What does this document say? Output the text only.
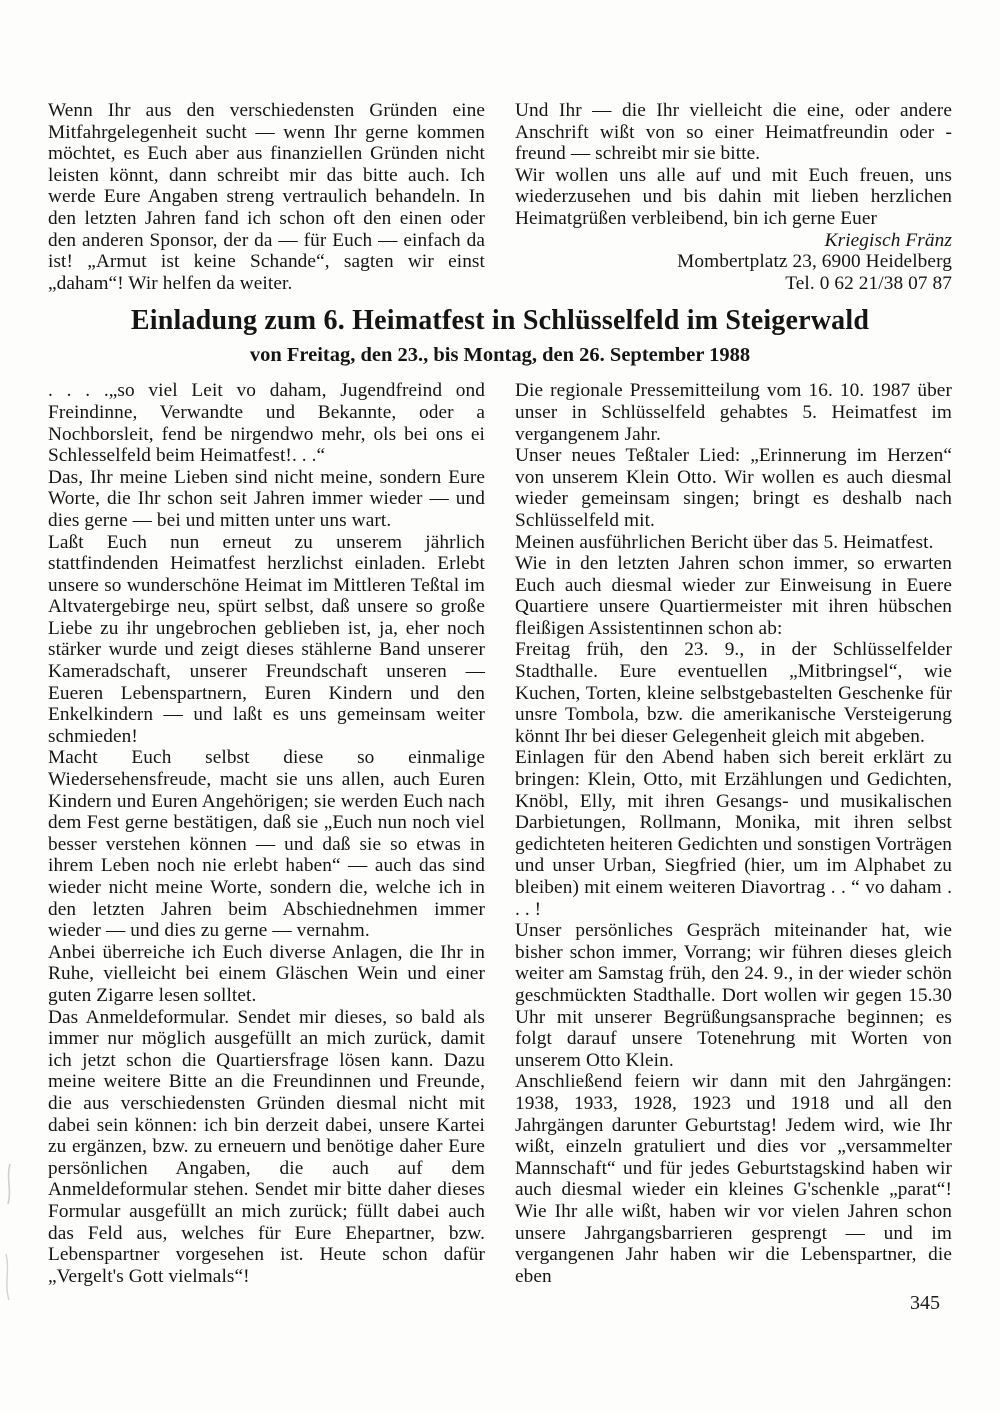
Wenn Ihr aus den verschiedensten Gründen eine Mitfahrgelegenheit sucht — wenn Ihr gerne kommen möchtet, es Euch aber aus finanziellen Gründen nicht leisten könnt, dann schreibt mir das bitte auch. Ich werde Eure Angaben streng vertraulich behandeln. In den letzten Jahren fand ich schon oft den einen oder den anderen Sponsor, der da — für Euch — einfach da ist! „Armut ist keine Schande“, sagten wir einst „daham“! Wir helfen da weiter.

Und Ihr — die Ihr vielleicht die eine, oder andere Anschrift wißt von so einer Heimatfreundin oder -freund — schreibt mir sie bitte.

Wir wollen uns alle auf und mit Euch freuen, uns wiederzusehen und bis dahin mit lieben herzlichen Heimatgrüßen verbleibend, bin ich gerne Euer

Kriegisch Fränz

Mombertplatz 23, 6900 Heidelberg

Tel. 0 62 21/38 07 87

Einladung zum 6. Heimatfest in Schlüsselfeld im Steigerwald
von Freitag, den 23., bis Montag, den 26. September 1988

. . . .„so viel Leit vo daham, Jugendfreind ond Freindinne, Verwandte und Bekannte, oder a Nochborsleit, fend be nirgendwo mehr, ols bei ons ei Schlesselfeld beim Heimatfest!. . .“

Das, Ihr meine Lieben sind nicht meine, sondern Eure Worte, die Ihr schon seit Jahren immer wieder — und dies gerne — bei und mitten unter uns wart.

Laßt Euch nun erneut zu unserem jährlich stattfindenden Heimatfest herzlichst einladen. Erlebt unsere so wunderschöne Heimat im Mittleren Teßtal im Altvatergebirge neu, spürt selbst, daß unsere so große Liebe zu ihr ungebrochen geblieben ist, ja, eher noch stärker wurde und zeigt dieses stählerne Band unserer Kameradschaft, unserer Freundschaft unseren — Eueren Lebenspartnern, Euren Kindern und den Enkelkindern — und laßt es uns gemeinsam weiter schmieden!

Macht Euch selbst diese so einmalige Wiedersehensfreude, macht sie uns allen, auch Euren Kindern und Euren Angehörigen; sie werden Euch nach dem Fest gerne bestätigen, daß sie „Euch nun noch viel besser verstehen können — und daß sie so etwas in ihrem Leben noch nie erlebt haben“ — auch das sind wieder nicht meine Worte, sondern die, welche ich in den letzten Jahren beim Abschiednehmen immer wieder — und dies zu gerne — vernahm.

Anbei überreiche ich Euch diverse Anlagen, die Ihr in Ruhe, vielleicht bei einem Gläschen Wein und einer guten Zigarre lesen solltet.

Das Anmeldeformular. Sendet mir dieses, so bald als immer nur möglich ausgefüllt an mich zurück, damit ich jetzt schon die Quartiersfrage lösen kann. Dazu meine weitere Bitte an die Freundinnen und Freunde, die aus verschiedensten Gründen diesmal nicht mit dabei sein können: ich bin derzeit dabei, unsere Kartei zu ergänzen, bzw. zu erneuern und benötige daher Eure persönlichen Angaben, die auch auf dem Anmeldeformular stehen. Sendet mir bitte daher dieses Formular ausgefüllt an mich zurück; füllt dabei auch das Feld aus, welches für Eure Ehepartner, bzw. Lebenspartner vorgesehen ist. Heute schon dafür „Vergelt's Gott vielmals“!

Die regionale Pressemitteilung vom 16. 10. 1987 über unser in Schlüsselfeld gehabtes 5. Heimatfest im vergangenem Jahr.

Unser neues Teßtaler Lied: „Erinnerung im Herzen“ von unserem Klein Otto. Wir wollen es auch diesmal wieder gemeinsam singen; bringt es deshalb nach Schlüsselfeld mit.

Meinen ausführlichen Bericht über das 5. Heimatfest.

Wie in den letzten Jahren schon immer, so erwarten Euch auch diesmal wieder zur Einweisung in Euere Quartiere unsere Quartiermeister mit ihren hübschen fleißigen Assistentinnen schon ab:

Freitag früh, den 23. 9., in der Schlüsselfelder Stadthalle. Eure eventuellen „Mitbringsel“, wie Kuchen, Torten, kleine selbstgebastelten Geschenke für unsre Tombola, bzw. die amerikanische Versteigerung könnt Ihr bei dieser Gelegenheit gleich mit abgeben.

Einlagen für den Abend haben sich bereit erklärt zu bringen: Klein, Otto, mit Erzählungen und Gedichten, Knöbl, Elly, mit ihren Gesangs- und musikalischen Darbietungen, Rollmann, Monika, mit ihren selbst gedichteten heiteren Gedichten und sonstigen Vorträgen und unser Urban, Siegfried (hier, um im Alphabet zu bleiben) mit einem weiteren Diavortrag . . “ vo daham . . . !

Unser persönliches Gespräch miteinander hat, wie bisher schon immer, Vorrang; wir führen dieses gleich weiter am Samstag früh, den 24. 9., in der wieder schön geschmückten Stadthalle. Dort wollen wir gegen 15.30 Uhr mit unserer Begrüßungsansprache beginnen; es folgt darauf unsere Totenehrung mit Worten von unserem Otto Klein.

Anschließend feiern wir dann mit den Jahrgängen: 1938, 1933, 1928, 1923 und 1918 und all den Jahrgängen darunter Geburtstag! Jedem wird, wie Ihr wißt, einzeln gratuliert und dies vor „versammelter Mannschaft“ und für jedes Geburtstagskind haben wir auch diesmal wieder ein kleines G'schenkle „parat“! Wie Ihr alle wißt, haben wir vor vielen Jahren schon unsere Jahrgangsbarrieren gesprengt — und im vergangenen Jahr haben wir die Lebenspartner, die eben

345
